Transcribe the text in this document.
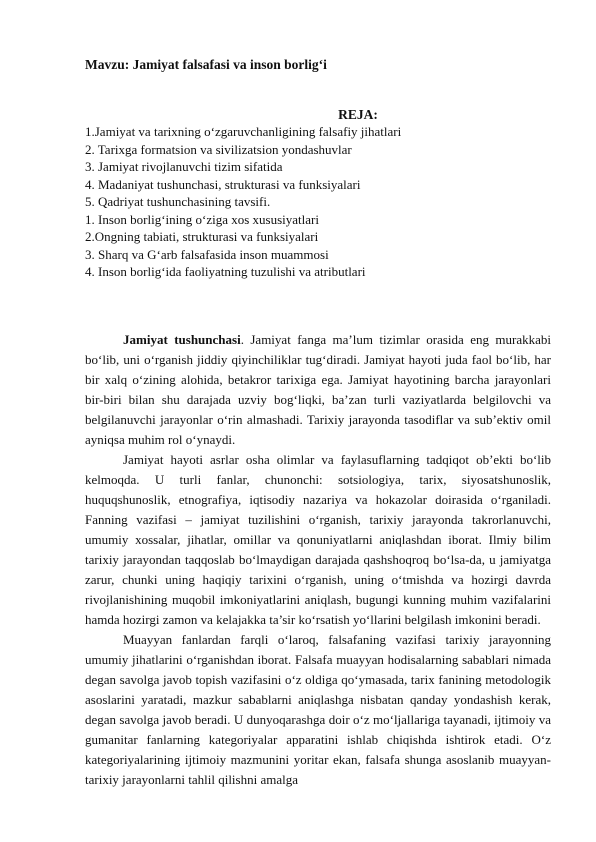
Mavzu: Jamiyat falsafasi va inson borlig‘i
REJA:
1.Jamiyat va tarixning o‘zgaruvchanligining falsafiy jihatlari
2. Tarixga formatsion va sivilizatsion yondashuvlar
3. Jamiyat rivojlanuvchi tizim sifatida
4. Madaniyat tushunchasi, strukturasi va funksiyalari
5. Qadriyat tushunchasining tavsifi.
1. Inson borlig‘ining o‘ziga xos xususiyatlari
2.Ongning tabiati, strukturasi va funksiyalari
3. Sharq va G‘arb falsafasida inson muammosi
4. Inson borlig‘ida faoliyatning tuzulishi va atributlari

Jamiyat tushunchasi. Jamiyat fanga ma’lum tizimlar orasida eng murakkabi bo‘lib, uni o‘rganish jiddiy qiyinchiliklar tug‘diradi. Jamiyat hayoti juda faol bo‘lib, har bir xalq o‘zining alohida, betakror tarixiga ega. Jamiyat hayotining barcha jarayonlari bir-biri bilan shu darajada uzviy bog‘liqki, ba’zan turli vaziyatlarda belgilovchi va belgilanuvchi jarayonlar o‘rin almashadi. Tarixiy jarayonda tasodiflar va sub’ektiv omil ayniqsa muhim rol o‘ynaydi.

Jamiyat hayoti asrlar osha olimlar va faylasuflarning tadqiqot ob’ekti bo‘lib kelmoqda. U turli fanlar, chunonchi: sotsiologiya, tarix, siyosatshunoslik, huquqshunoslik, etnografiya, iqtisodiy nazariya va hokazolar doirasida o‘rganiladi. Fanning vazifasi – jamiyat tuzilishini o‘rganish, tarixiy jarayonda takrorlanuvchi, umumiy xossalar, jihatlar, omillar va qonuniyatlarni aniqlashdan iborat. Ilmiy bilim tarixiy jarayondan taqqoslab bo‘lmaydigan darajada qashshoqroq bo‘lsa-da, u jamiyatga zarur, chunki uning haqiqiy tarixini o‘rganish, uning o‘tmishda va hozirgi davrda rivojlanishining muqobil imkoniyatlarini aniqlash, bugungi kunning muhim vazifalarini hamda hozirgi zamon va kelajakka ta’sir ko‘rsatish yo‘llarini belgilash imkonini beradi.

Muayyan fanlardan farqli o‘laroq, falsafaning vazifasi tarixiy jarayonning umumiy jihatlarini o‘rganishdan iborat. Falsafa muayyan hodisalarning sabablari nimada degan savolga javob topish vazifasini o‘z oldiga qo‘ymasada, tarix fanining metodologik asoslarini yaratadi, mazkur sabablarni aniqlashga nisbatan qanday yondashish kerak, degan savolga javob beradi. U dunyoqarashga doir o‘z mo‘ljallariga tayanadi, ijtimoiy va gumanitar fanlarning kategoriyalar apparatini ishlab chiqishda ishtirok etadi. O‘z kategoriyalarining ijtimoiy mazmunini yoritar ekan, falsafa shunga asoslanib muayyan-tarixiy jarayonlarni tahlil qilishni amalga
